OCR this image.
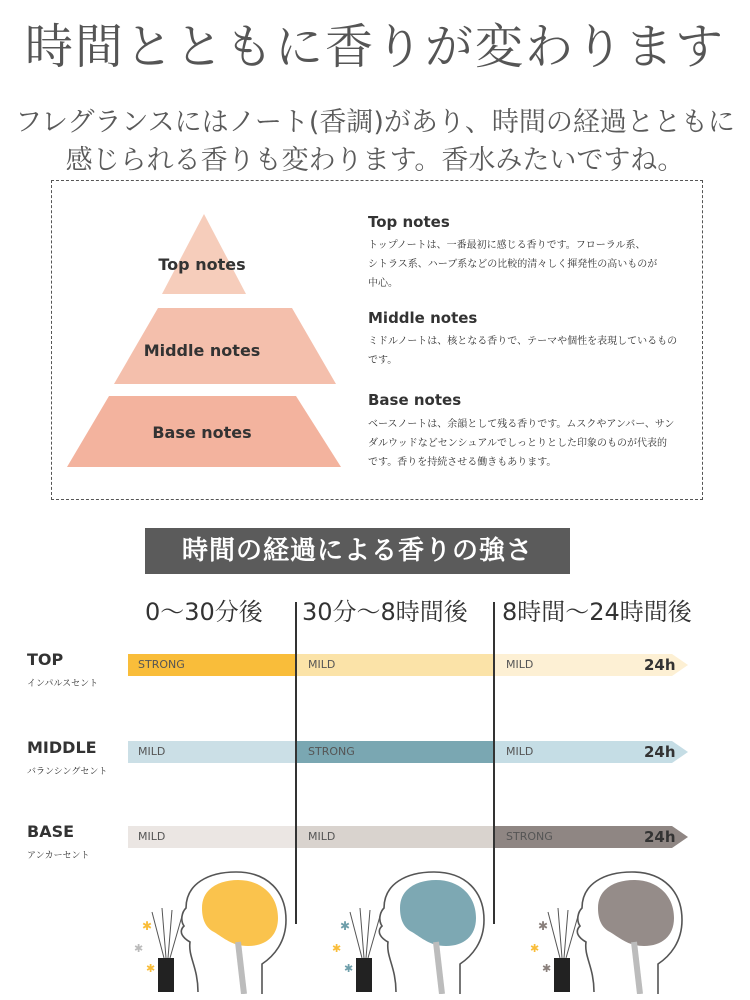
時間とともに香りが変わります
フレグランスにはノート(香調)があり、時間の経過とともに
感じられる香りも変わります。香水みたいですね。
Top notes
Middle notes
Base notes
Top notes
トップノートは、一番最初に感じる香りです。フローラル系、
シトラス系、ハーブ系などの比較的清々しく揮発性の高いものが
中心。
Middle notes
ミドルノートは、核となる香りで、テーマや個性を表現しているもの
です。
Base notes
ベースノートは、余韻として残る香りです。ムスクやアンバー、サン
ダルウッドなどセンシュアルでしっとりとした印象のものが代表的
です。香りを持続させる働きもあります。
時間の経過による香りの強さ
0〜30分後 30分〜8時間後 8時間〜24時間後
TOP
インパルスセント
MIDDLE
バランシングセント
BASE
アンカーセント
STRONG	MILD	MILD	24h
MILD	STRONG	MILD	24h
MILD	MILD	STRONG	24h
✱
✱
✱
✱
✱
✱
✱
✱
✱
